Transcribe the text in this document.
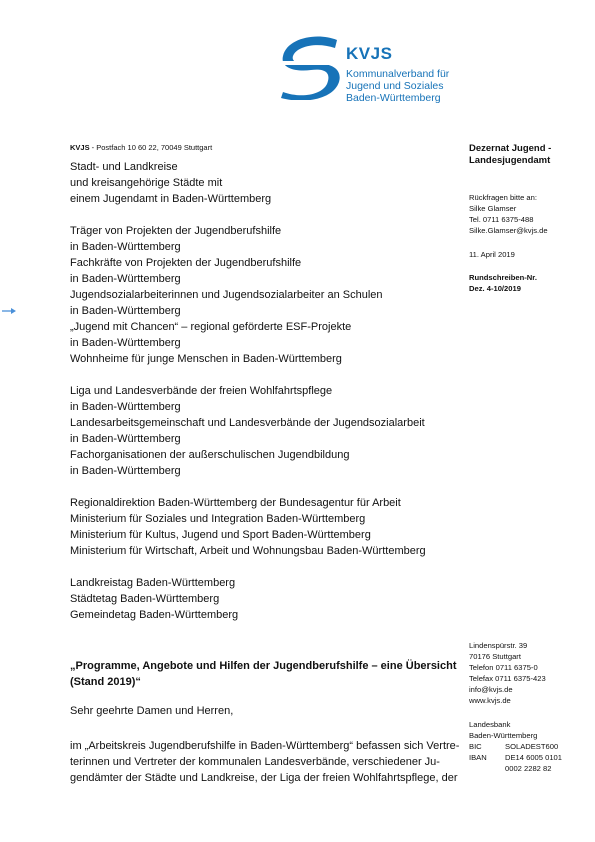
KVJS
Kommunalverband für
Jugend und Soziales
Baden-Württemberg
KVJS - Postfach 10 60 22, 70049 Stuttgart
Stadt- und Landkreise
und kreisangehörige Städte mit
einem Jugendamt in Baden-Württemberg
Träger von Projekten der Jugendberufshilfe
in Baden-Württemberg
Fachkräfte von Projekten der Jugendberufshilfe
in Baden-Württemberg
Jugendsozialarbeiterinnen und Jugendsozialarbeiter an Schulen
in Baden-Württemberg
„Jugend mit Chancen“ – regional geförderte ESF-Projekte
in Baden-Württemberg
Wohnheime für junge Menschen in Baden-Württemberg
Liga und Landesverbände der freien Wohlfahrtspflege
in Baden-Württemberg
Landesarbeitsgemeinschaft und Landesverbände der Jugendsozialarbeit
in Baden-Württemberg
Fachorganisationen der außerschulischen Jugendbildung
in Baden-Württemberg
Regionaldirektion Baden-Württemberg der Bundesagentur für Arbeit
Ministerium für Soziales und Integration Baden-Württemberg
Ministerium für Kultus, Jugend und Sport Baden-Württemberg
Ministerium für Wirtschaft, Arbeit und Wohnungsbau Baden-Württemberg
Landkreistag Baden-Württemberg
Städtetag Baden-Württemberg
Gemeindetag Baden-Württemberg
Dezernat Jugend -
Landesjugendamt
Rückfragen bitte an:
Silke Glamser
Tel. 0711 6375-488
Silke.Glamser@kvjs.de
11. April 2019
Rundschreiben-Nr.
Dez. 4-10/2019
Lindenspürstr. 39
70176 Stuttgart
Telefon 0711 6375-0
Telefax 0711 6375-423
info@kvjs.de
www.kvjs.de
Landesbank
Baden-Württemberg
BIC	SOLADEST600
IBAN DE14 6005 0101
0002 2282 82
„Programme, Angebote und Hilfen der Jugendberufshilfe – eine Übersicht (Stand 2019)“
Sehr geehrte Damen und Herren,
im „Arbeitskreis Jugendberufshilfe in Baden-Württemberg“ befassen sich Vertre-
terinnen und Vertreter der kommunalen Landesverbände, verschiedener Ju-
gendämter der Städte und Landkreise, der Liga der freien Wohlfahrtspflege, der
